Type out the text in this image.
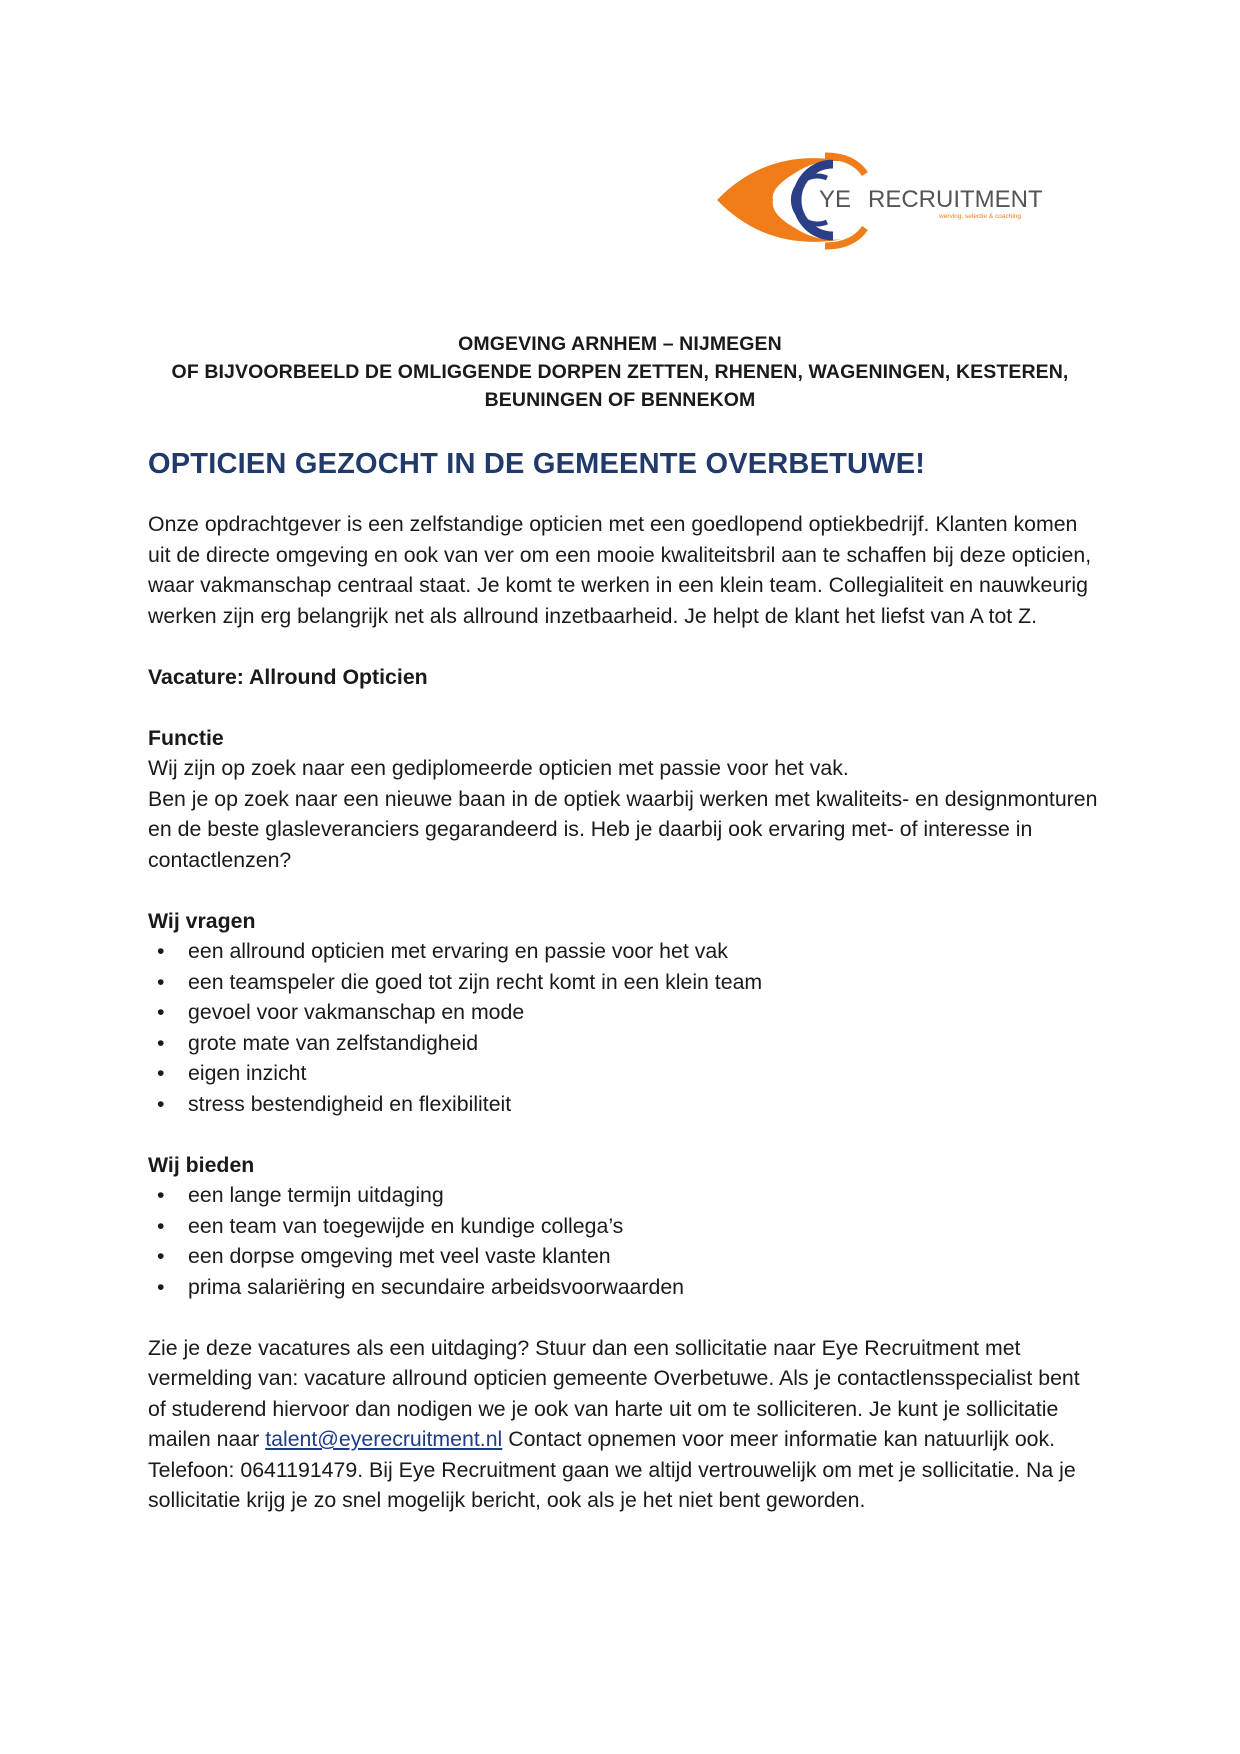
YE RECRUITMENT
werving, selectie & coaching
OMGEVING ARNHEM – NIJMEGEN
OF BIJVOORBEELD DE OMLIGGENDE DORPEN ZETTEN, RHENEN, WAGENINGEN, KESTEREN,
BEUNINGEN OF BENNEKOM
OPTICIEN GEZOCHT IN DE GEMEENTE OVERBETUWE!

Onze opdrachtgever is een zelfstandige opticien met een goedlopend optiekbedrijf. Klanten komen uit de directe omgeving en ook van ver om een mooie kwaliteitsbril aan te schaffen bij deze opticien, waar vakmanschap centraal staat. Je komt te werken in een klein team. Collegialiteit en nauwkeurig werken zijn erg belangrijk net als allround inzetbaarheid. Je helpt de klant het liefst van A tot Z.

Vacature: Allround Opticien

Functie

Wij zijn op zoek naar een gediplomeerde opticien met passie voor het vak.

Ben je op zoek naar een nieuwe baan in de optiek waarbij werken met kwaliteits- en designmonturen en de beste glasleveranciers gegarandeerd is. Heb je daarbij ook ervaring met- of interesse in contactlenzen?

Wij vragen

• een allround opticien met ervaring en passie voor het vak
• een teamspeler die goed tot zijn recht komt in een klein team
• gevoel voor vakmanschap en mode
• grote mate van zelfstandigheid
• eigen inzicht
• stress bestendigheid en flexibiliteit

Wij bieden

• een lange termijn uitdaging
• een team van toegewijde en kundige collega’s
• een dorpse omgeving met veel vaste klanten
• prima salariëring en secundaire arbeidsvoorwaarden

Zie je deze vacatures als een uitdaging? Stuur dan een sollicitatie naar Eye Recruitment met vermelding van: vacature allround opticien gemeente Overbetuwe. Als je contactlensspecialist bent of studerend hiervoor dan nodigen we je ook van harte uit om te solliciteren. Je kunt je sollicitatie mailen naar talent@eyerecruitment.nl Contact opnemen voor meer informatie kan natuurlijk ook. Telefoon: 0641191479. Bij Eye Recruitment gaan we altijd vertrouwelijk om met je sollicitatie. Na je sollicitatie krijg je zo snel mogelijk bericht, ook als je het niet bent geworden.
